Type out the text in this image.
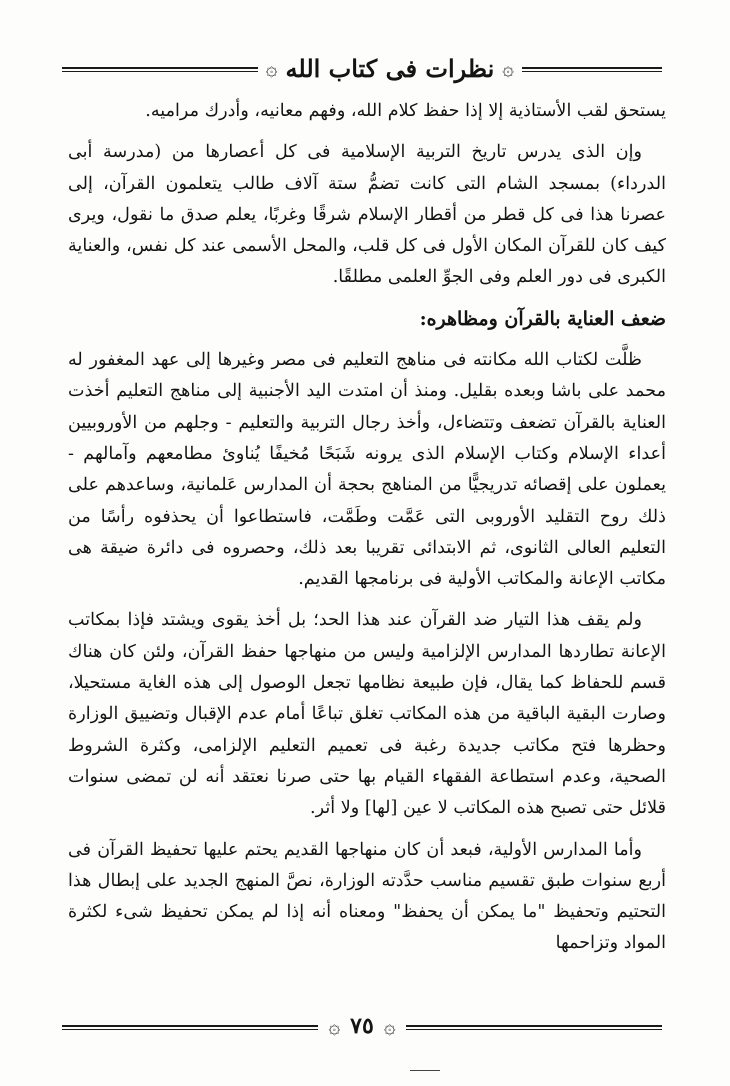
۞
نظرات فى كتاب الله
۞

يستحق لقب الأستاذية إلا إذا حفظ كلام الله، وفهم معانيه، وأدرك مراميه.

وإن الذى يدرس تاريخ التربية الإسلامية فى كل أعصارها من (مدرسة أبى الدرداء) بمسجد الشام التى كانت تضمُّ ستة آلاف طالب يتعلمون القرآن، إلى عصرنا هذا فى كل قطر من أقطار الإسلام شرقًا وغربًا، يعلم صدق ما نقول، ويرى كيف كان للقرآن المكان الأول فى كل قلب، والمحل الأسمى عند كل نفس، والعناية الكبرى فى دور العلم وفى الجوِّ العلمى مطلقًا.

ضعف العناية بالقرآن ومظاهره:

ظلَّت لكتاب الله مكانته فى مناهج التعليم فى مصر وغيرها إلى عهد المغفور له محمد على باشا وبعده بقليل. ومنذ أن امتدت اليد الأجنبية إلى مناهج التعليم أخذت العناية بالقرآن تضعف وتتضاءل، وأخذ رجال التربية والتعليم - وجلهم من الأوروبيين أعداء الإسلام وكتاب الإسلام الذى يرونه شَبَحًا مُخيفًا يُناوئ مطامعهم وآمالهم - يعملون على إقصائه تدريجيًّا من المناهج بحجة أن المدارس عَلمانية، وساعدهم على ذلك روح التقليد الأوروبى التى عَمَّت وطَمَّت، فاستطاعوا أن يحذفوه رأسًا من التعليم العالى الثانوى، ثم الابتدائى تقريبا بعد ذلك، وحصروه فى دائرة ضيقة هى مكاتب الإعانة والمكاتب الأولية فى برنامجها القديم.

ولم يقف هذا التيار ضد القرآن عند هذا الحد؛ بل أخذ يقوى ويشتد فإذا بمكاتب الإعانة تطاردها المدارس الإلزامية وليس من منهاجها حفظ القرآن، ولئن كان هناك قسم للحفاظ كما يقال، فإن طبيعة نظامها تجعل الوصول إلى هذه الغاية مستحيلا، وصارت البقية الباقية من هذه المكاتب تغلق تباعًا أمام عدم الإقبال وتضييق الوزارة وحظرها فتح مكاتب جديدة رغبة فى تعميم التعليم الإلزامى، وكثرة الشروط الصحية، وعدم استطاعة الفقهاء القيام بها حتى صرنا نعتقد أنه لن تمضى سنوات قلائل حتى تصبح هذه المكاتب لا عين [لها] ولا أثر.

وأما المدارس الأولية، فبعد أن كان منهاجها القديم يحتم عليها تحفيظ القرآن فى أربع سنوات طبق تقسيم مناسب حدَّدته الوزارة، نصَّ المنهج الجديد على إبطال هذا التحتيم وتحفيظ "ما يمكن أن يحفظ" ومعناه أنه إذا لم يمكن تحفيظ شىء لكثرة المواد وتزاحمها

۞
٧٥
۞
